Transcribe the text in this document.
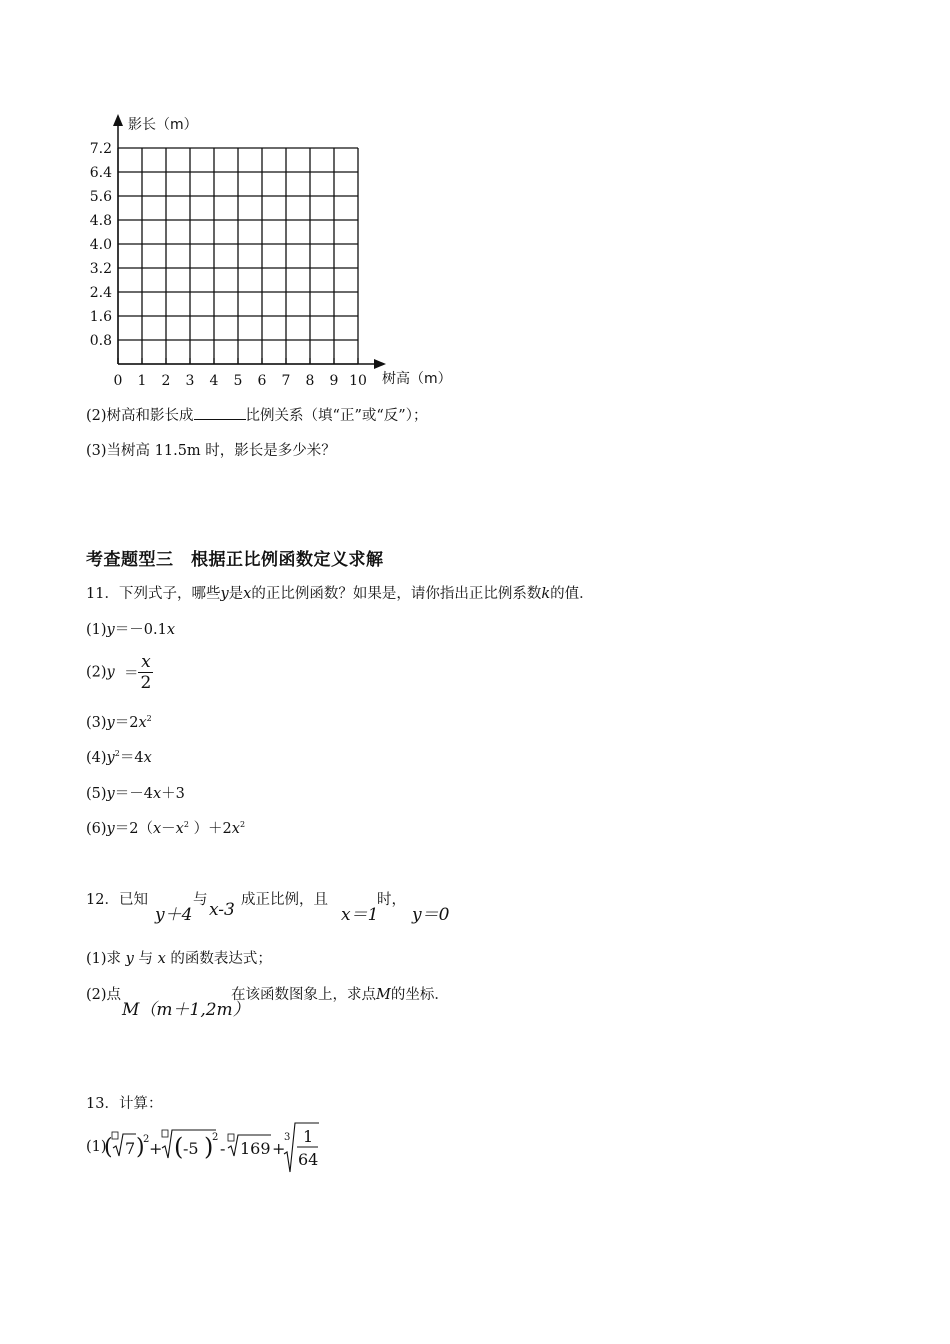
影长（m）
树高（m）
7.2
6.4
5.6
4.8
4.0
3.2
2.4
1.6
0.8
0 1 2 3 4 5 6 7 8 9 10
(2)树高和影长成	比例关系（填“正”或“反”）；
(3)当树高 11.5m 时，影长是多少米？
考查题型三　根据正比例函数定义求解
11．下列式子，哪些y是x的正比例函数？如果是，请你指出正比例系数k的值．
(1)y＝－0.1x
$(2)y = \frac{x}{2}$
$(3)y=2x^2$
$(4)y^2=4x$
(5)y＝－4x＋3
$(6)y=2(x-x^2$ ）$+2x^2$
12．已知
y＋4
与 x-3 成正比例，且
x＝1
时，
y＝0
(1)求 y 与 x 的函数表达式；
(2)点
M（m＋1,2m）
在该函数图象上，求点M的坐标．
13．计算：
(1)
( 7 )
2 + ( -5 )
2
- 169 +
3 1
64
